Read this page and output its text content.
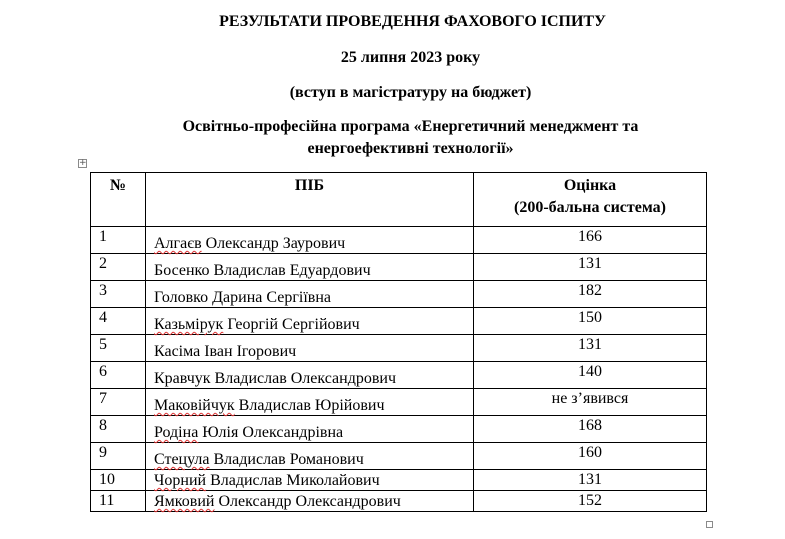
РЕЗУЛЬТАТИ ПРОВЕДЕННЯ ФАХОВОГО ІСПИТУ
25 липня 2023 року
(вступ в магістратуру на бюджет)
Освітньо-професійна програма «Енергетичний менеджмент та
енергоефективні технології»
+
№	ПІБ	Оцінка
(200-бальна система)

1	Алгаєв Олександр Заурович	166
2	Босенко Владислав Едуардович	131
3	Головко Дарина Сергіївна	182
4	Казьмірук Георгій Сергійович	150
5	Касіма Іван Ігорович	131
6	Кравчук Владислав Олександрович	140
7	Маковійчук Владислав Юрійович	не з’явився
8	Родіна Юлія Олександрівна	168
9	Стецула Владислав Романович	160
10	Чорний Владислав Миколайович	131
11	Ямковий Олександр Олександрович	152
